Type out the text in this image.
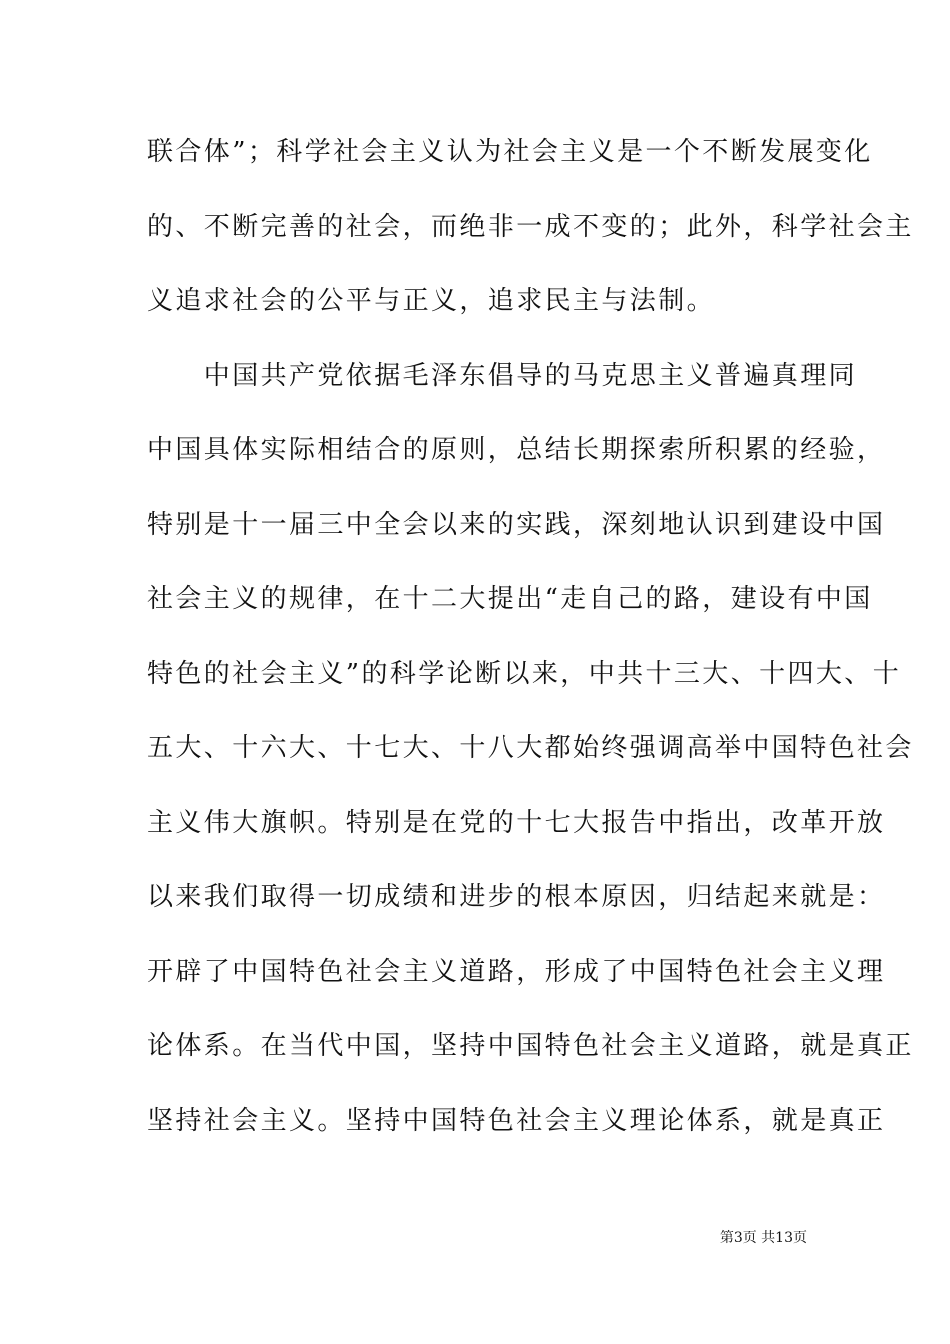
联合体”；科学社会主义认为社会主义是一个不断发展变化
的、不断完善的社会，而绝非一成不变的；此外，科学社会主
义追求社会的公平与正义，追求民主与法制。
　　中国共产党依据毛泽东倡导的马克思主义普遍真理同
中国具体实际相结合的原则，总结长期探索所积累的经验，
特别是十一届三中全会以来的实践，深刻地认识到建设中国
社会主义的规律，在十二大提出“走自己的路，建设有中国
特色的社会主义”的科学论断以来，中共十三大、十四大、十
五大、十六大、十七大、十八大都始终强调高举中国特色社会
主义伟大旗帜。特别是在党的十七大报告中指出，改革开放
以来我们取得一切成绩和进步的根本原因，归结起来就是：
开辟了中国特色社会主义道路，形成了中国特色社会主义理
论体系。在当代中国，坚持中国特色社会主义道路，就是真正
坚持社会主义。坚持中国特色社会主义理论体系，就是真正
第3页 共13页
